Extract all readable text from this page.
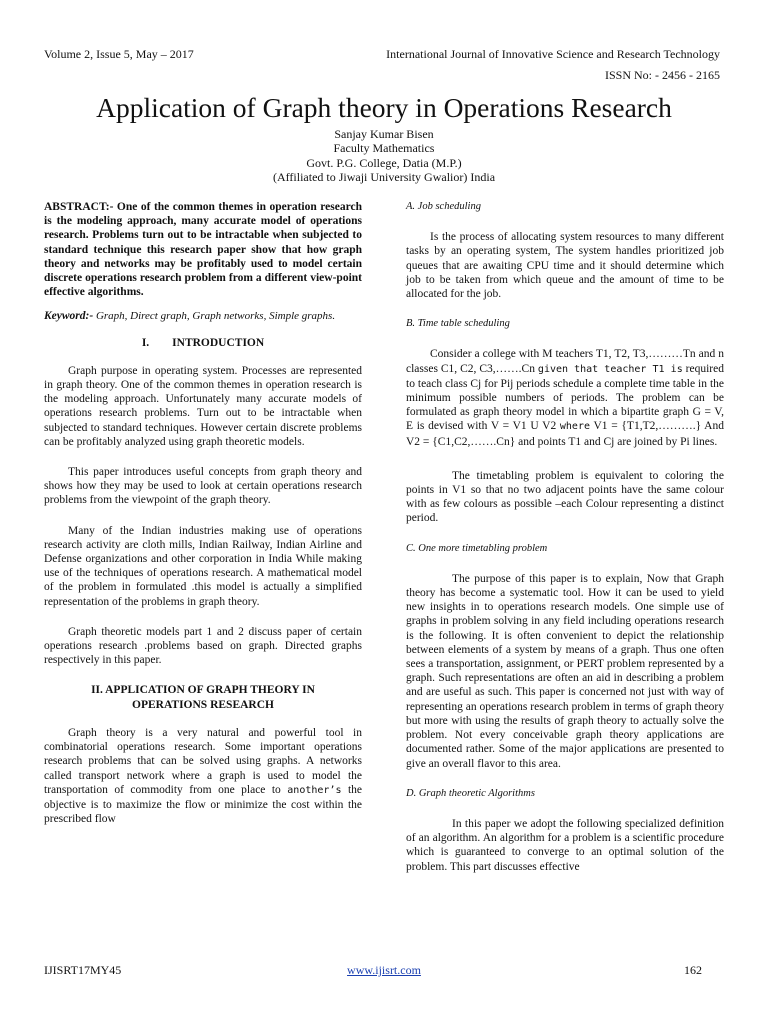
Volume 2, Issue 5, May – 2017	International Journal of Innovative Science and Research Technology
ISSN No: - 2456 - 2165
Application of Graph theory in Operations Research
Sanjay Kumar Bisen
Faculty Mathematics
Govt. P.G. College, Datia (M.P.)
(Affiliated to Jiwaji University Gwalior) India

ABSTRACT:- One of the common themes in operation research is the modeling approach, many accurate model of operations research. Problems turn out to be intractable when subjected to standard technique this research paper show that how graph theory and networks may be profitably used to model certain discrete operations research problem from a different view-point effective algorithms.

Keyword:- Graph, Direct graph, Graph networks, Simple graphs.

I.        INTRODUCTION

Graph purpose in operating system. Processes are represented in graph theory. One of the common themes in operation research is the modeling approach. Unfortunately many accurate models of operations research problems. Turn out to be intractable when subjected to standard techniques. However certain discrete problems can be profitably analyzed using graph theoretic models.

This paper introduces useful concepts from graph theory and shows how they may be used to look at certain operations research problems from the viewpoint of the graph theory.

Many of the Indian industries making use of operations research activity are cloth mills, Indian Railway, Indian Airline and Defense organizations and other corporation in India While making use of the techniques of operations research. A mathematical model of the problem in formulated .this model is actually a simplified representation of the problems in graph theory.

Graph theoretic models part 1 and 2 discuss paper of certain operations research .problems based on graph. Directed graphs respectively in this paper.

II. APPLICATION OF GRAPH THEORY IN
OPERATIONS RESEARCH

Graph theory is a very natural and powerful tool in combinatorial operations research. Some important operations research problems that can be solved using graphs. A networks called transport network where a graph is used to model the transportation of commodity from one place to another’s the objective is to maximize the flow or minimize the cost within the prescribed flow

A. Job scheduling

Is the process of allocating system resources to many different tasks by an operating system, The system handles prioritized job queues that are awaiting CPU time and it should determine which job to be taken from which queue and the amount of time to be allocated for the job.

B. Time table scheduling

Consider a college with M teachers T1, T2, T3,………Tn and n classes C1, C2, C3,…….Cn given that teacher T1 is required to teach class Cj for Pij periods schedule a complete time table in the minimum possible numbers of periods. The problem can be formulated as graph theory model in which a bipartite graph G = V, E is devised with V = V1 U V2 where V1 = {T1,T2,……….} And V2 = {C1,C2,…….Cn} and points T1 and Cj are joined by Pi lines.

The timetabling problem is equivalent to coloring the points in V1 so that no two adjacent points have the same colour with as few colours as possible –each Colour representing a distinct period.

C. One more timetabling problem

The purpose of this paper is to explain, Now that Graph theory has become a systematic tool. How it can be used to yield new insights in to operations research models. One simple use of graphs in problem solving in any field including operations research is the following. It is often convenient to depict the relationship between elements of a system by means of a graph. Thus one often sees a transportation, assignment, or PERT problem represented by a graph. Such representations are often an aid in describing a problem and are useful as such. This paper is concerned not just with way of representing an operations research problem in terms of graph theory but more with using the results of graph theory to actually solve the problem. Not every conceivable graph theory applications are documented rather. Some of the major applications are presented to give an overall flavor to this area.

D. Graph theoretic Algorithms

In this paper we adopt the following specialized definition of an algorithm. An algorithm for a problem is a scientific procedure which is guaranteed to converge to an optimal solution of the problem. This part discusses effective

IJISRT17MY45	www.ijisrt.com	162
